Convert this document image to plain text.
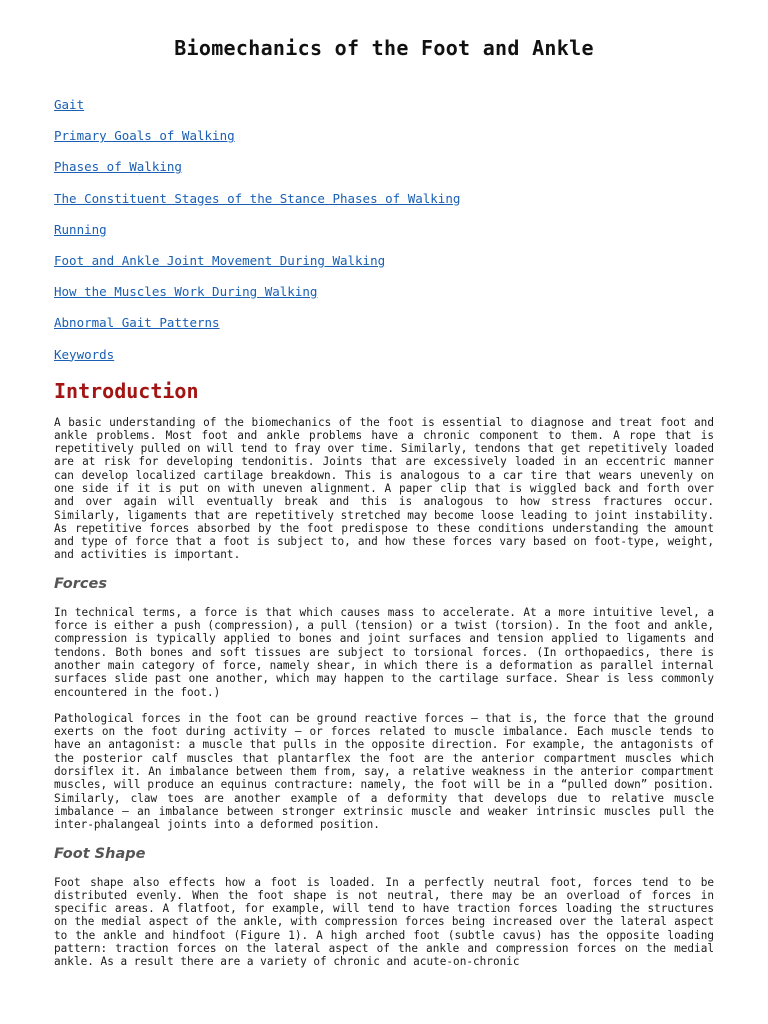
Biomechanics of the Foot and Ankle
Gait
Primary Goals of Walking
Phases of Walking
The Constituent Stages of the Stance Phases of Walking
Running
Foot and Ankle Joint Movement During Walking
How the Muscles Work During Walking
Abnormal Gait Patterns
Keywords
Introduction

A basic understanding of the biomechanics of the foot is essential to diagnose and treat foot and ankle problems. Most foot and ankle problems have a chronic component to them. A rope that is repetitively pulled on will tend to fray over time. Similarly, tendons that get repetitively loaded are at risk for developing tendonitis. Joints that are excessively loaded in an eccentric manner can develop localized cartilage breakdown. This is analogous to a car tire that wears unevenly on one side if it is put on with uneven alignment. A paper clip that is wiggled back and forth over and over again will eventually break and this is analogous to how stress fractures occur. Similarly, ligaments that are repetitively stretched may become loose leading to joint instability. As repetitive forces absorbed by the foot predispose to these conditions understanding the amount and type of force that a foot is subject to, and how these forces vary based on foot-type, weight, and activities is important.

Forces

In technical terms, a force is that which causes mass to accelerate. At a more intuitive level, a force is either a push (compression), a pull (tension) or a twist (torsion). In the foot and ankle, compression is typically applied to bones and joint surfaces and tension applied to ligaments and tendons. Both bones and soft tissues are subject to torsional forces. (In orthopaedics, there is another main category of force, namely shear, in which there is a deformation as parallel internal surfaces slide past one another, which may happen to the cartilage surface. Shear is less commonly encountered in the foot.)

Pathological forces in the foot can be ground reactive forces — that is, the force that the ground exerts on the foot during activity — or forces related to muscle imbalance. Each muscle tends to have an antagonist: a muscle that pulls in the opposite direction. For example, the antagonists of the posterior calf muscles that plantarflex the foot are the anterior compartment muscles which dorsiflex it. An imbalance between them from, say, a relative weakness in the anterior compartment muscles, will produce an equinus contracture: namely, the foot will be in a “pulled down” position. Similarly, claw toes are another example of a deformity that develops due to relative muscle imbalance – an imbalance between stronger extrinsic muscle and weaker intrinsic muscles pull the inter-phalangeal joints into a deformed position.

Foot Shape

Foot shape also effects how a foot is loaded. In a perfectly neutral foot, forces tend to be distributed evenly. When the foot shape is not neutral, there may be an overload of forces in specific areas. A flatfoot, for example, will tend to have traction forces loading the structures on the medial aspect of the ankle, with compression forces being increased over the lateral aspect to the ankle and hindfoot (Figure 1). A high arched foot (subtle cavus) has the opposite loading pattern: traction forces on the lateral aspect of the ankle and compression forces on the medial ankle. As a result there are a variety of chronic and acute-on-chronic
